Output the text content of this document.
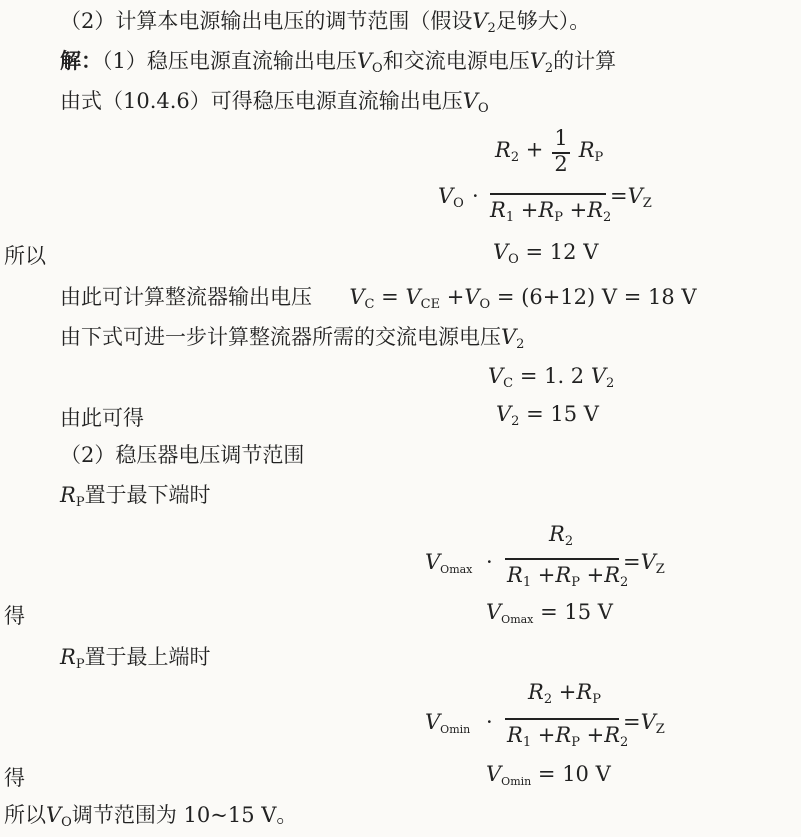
（2）计算本电源输出电压的调节范围（假设$V_2$足够大）。
解：（1）稳压电源直流输出电压$V_O$和交流电源电压$V_2$的计算
由式（10.4.6）可得稳压电源直流输出电压$V_O$
$V_O$ ·
$R_2 + \frac{1}{2} R_P$
$R_1 +R_P +R_2$
$=V_Z$
所以	$V_O = 12$ V
由此可计算整流器输出电压 $V_C = V_{CE} +V_O = (6+12) V = 18$ V
由下式可进一步计算整流器所需的交流电源电压$V_2$
$V_C = 1$. 2 $V_2$
由此可得	$V_2 = 15$ V
（2）稳压器电压调节范围
$R_P$置于最下端时
$V_{Omax}$ ·
$R_2$
$R_1 +R_P +R_2$
$=V_Z$
得	$V_{Omax} = 15$ V
$R_P$置于最上端时
$V_{Omin}$ ·
$R_2 +R_P$
$R_1 +R_P +R_2$
$=V_Z$
得	$V_{Omin} = 10$ V
所以$V_O$调节范围为 10~15 V。
